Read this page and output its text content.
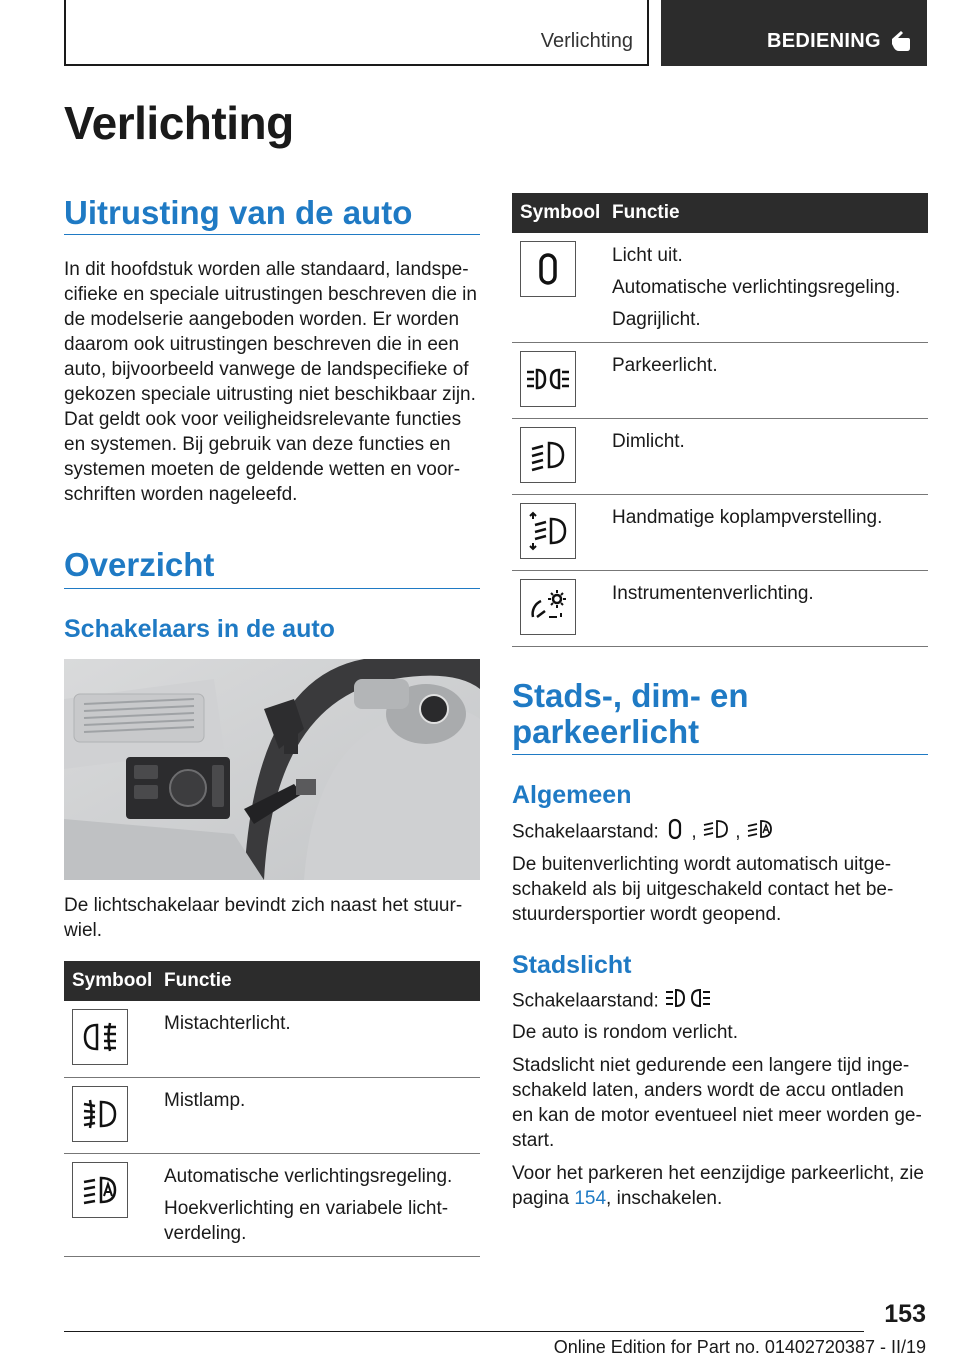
Verlichting	BEDIENING
Verlichting
Uitrusting van de auto
In dit hoofdstuk worden alle standaard, landspe-
cifieke en speciale uitrustingen beschreven die in
de modelserie aangeboden worden. Er worden
daarom ook uitrustingen beschreven die in een
auto, bijvoorbeeld vanwege de landspecifieke of
gekozen speciale uitrusting niet beschikbaar zijn.
Dat geldt ook voor veiligheidsrelevante functies
en systemen. Bij gebruik van deze functies en
systemen moeten de geldende wetten en voor-
schriften worden nageleefd.
Overzicht
Schakelaars in de auto
De lichtschakelaar bevindt zich naast het stuur-
wiel.
Symbool	Functie

Mistachterlicht.

Mistlamp.

Automatische verlichtingsregeling.
Hoekverlichting en variabele licht-
verdeling.
Symbool	Functie

Licht uit.
Automatische verlichtingsregeling.
Dagrijlicht.

Parkeerlicht.

Dimlicht.

Handmatige koplampverstelling.

Instrumentenverlichting.
Stads-, dim- en
parkeerlicht
Algemeen
Schakelaarstand: , ,
De buitenverlichting wordt automatisch uitge-
schakeld als bij uitgeschakeld contact het be-
stuurdersportier wordt geopend.
Stadslicht
Schakelaarstand:
De auto is rondom verlicht.
Stadslicht niet gedurende een langere tijd inge-
schakeld laten, anders wordt de accu ontladen
en kan de motor eventueel niet meer worden ge-
start.
Voor het parkeren het eenzijdige parkeerlicht, zie
pagina 154, inschakelen.
153
Online Edition for Part no. 01402720387 - II/19
